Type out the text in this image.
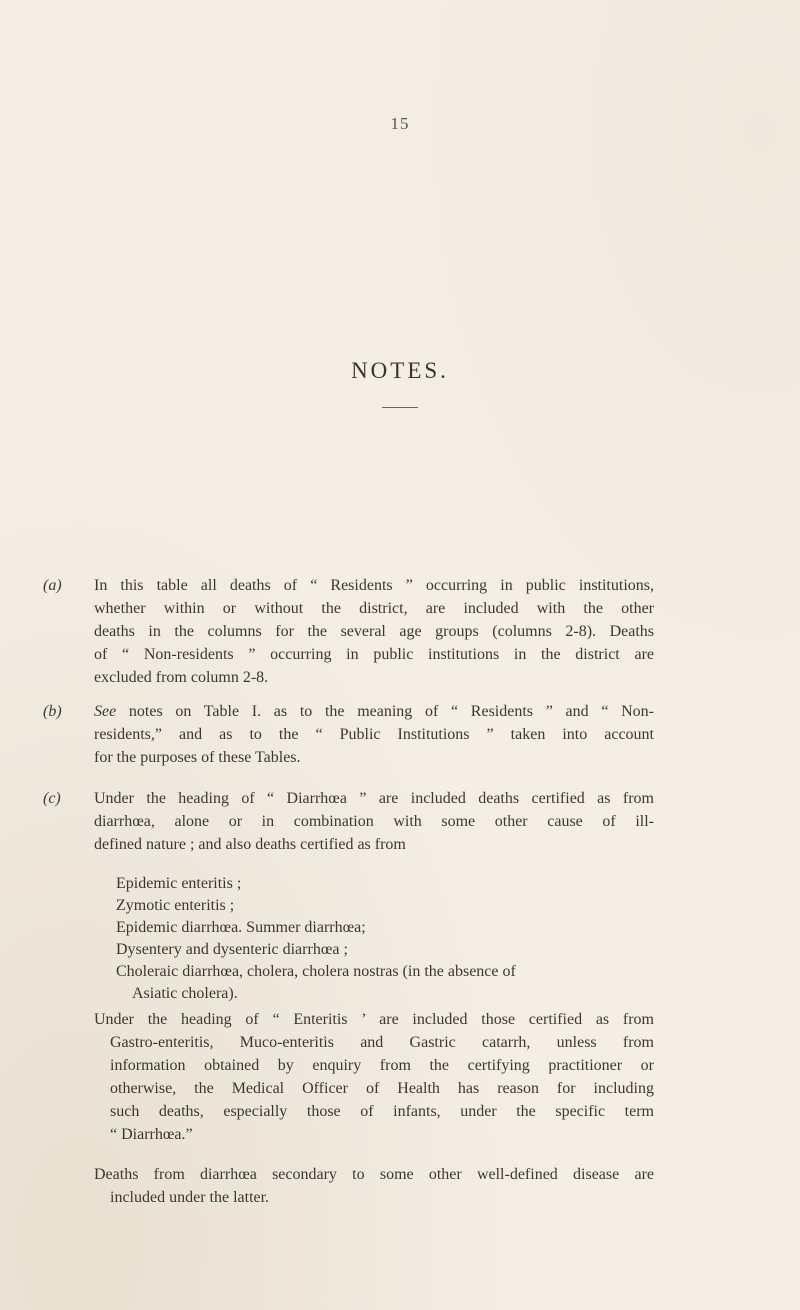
15
NOTES.
(a) In this table all deaths of “ Residents ” occurring in public institutions,

whether within or without the district, are included with the other

deaths in the columns for the several age groups (columns 2-8). Deaths

of “ Non-residents ” occurring in public institutions in the district are

excluded from column 2-8.

(b) See notes on Table I. as to the meaning of “ Residents ” and “ Non-

residents,” and as to the “ Public Institutions ” taken into account

for the purposes of these Tables.

(c) Under the heading of “ Diarrhœa ” are included deaths certified as from

diarrhœa, alone or in combination with some other cause of ill-

defined nature ; and also deaths certified as from

Epidemic enteritis ;
Zymotic enteritis ;
Epidemic diarrhœa. Summer diarrhœa;
Dysentery and dysenteric diarrhœa ;
Choleraic diarrhœa, cholera, cholera nostras (in the absence of
Asiatic cholera).
Under the heading of “ Enteritis ’ are included those certified as from
Gastro-enteritis, Muco-enteritis and Gastric catarrh, unless from
information obtained by enquiry from the certifying practitioner or
otherwise, the Medical Officer of Health has reason for including
such deaths, especially those of infants, under the specific term
“ Diarrhœa.”
Deaths from diarrhœa secondary to some other well-defined disease are
included under the latter.
